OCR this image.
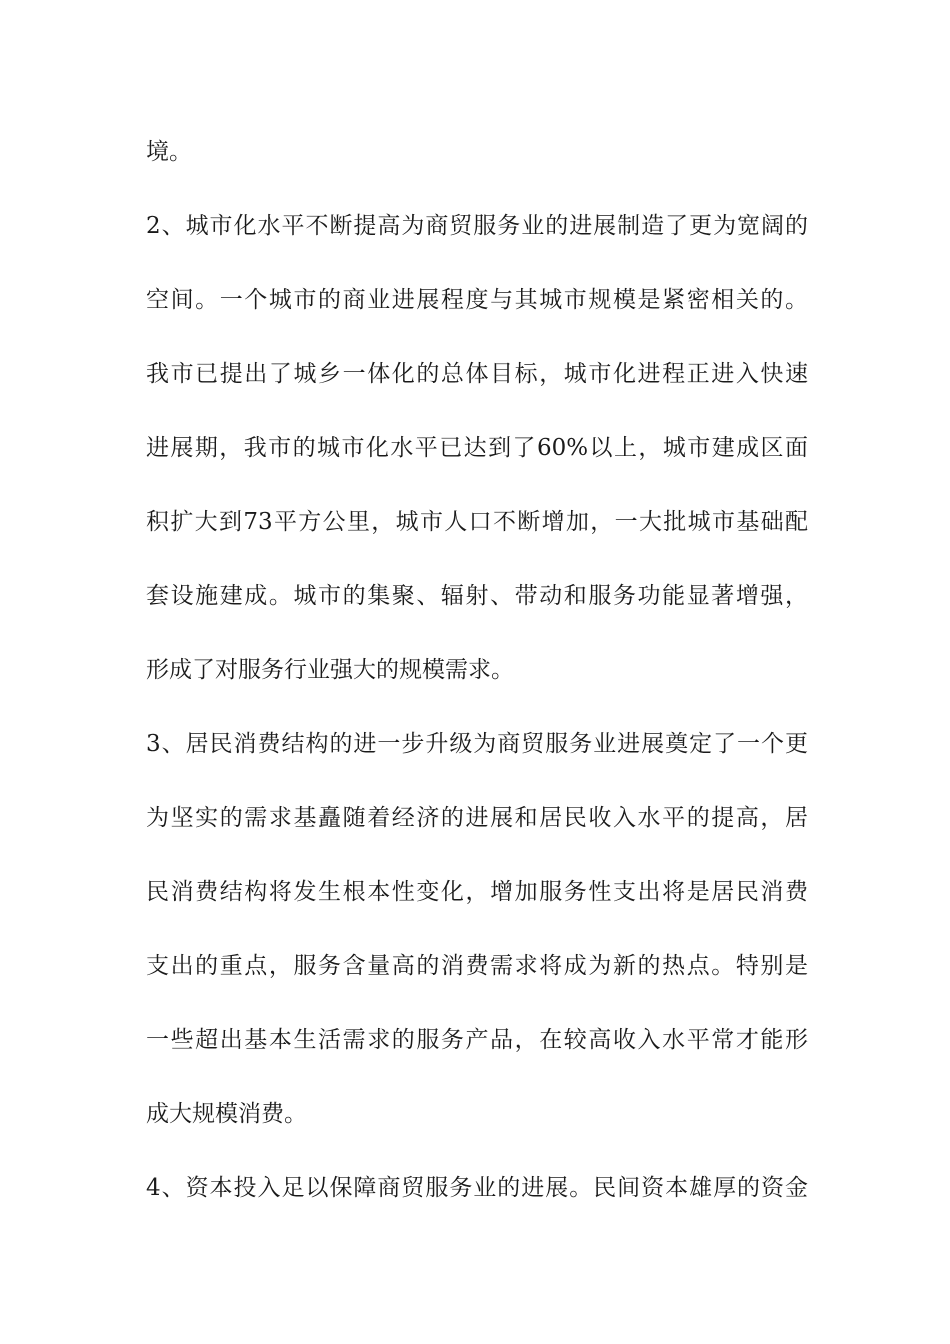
境。
2、城市化水平不断提高为商贸服务业的进展制造了更为宽阔的
空间。一个城市的商业进展程度与其城市规模是紧密相关的。
我市已提出了城乡一体化的总体目标，城市化进程正进入快速
进展期，我市的城市化水平已达到了60%以上，城市建成区面
积扩大到73平方公里，城市人口不断增加，一大批城市基础配
套设施建成。城市的集聚、辐射、带动和服务功能显著增强，
形成了对服务行业强大的规模需求。
3、居民消费结构的进一步升级为商贸服务业进展奠定了一个更
为坚实的需求基矗随着经济的进展和居民收入水平的提高，居
民消费结构将发生根本性变化，增加服务性支出将是居民消费
支出的重点，服务含量高的消费需求将成为新的热点。特别是
一些超出基本生活需求的服务产品，在较高收入水平常才能形
成大规模消费。
4、资本投入足以保障商贸服务业的进展。民间资本雄厚的资金
